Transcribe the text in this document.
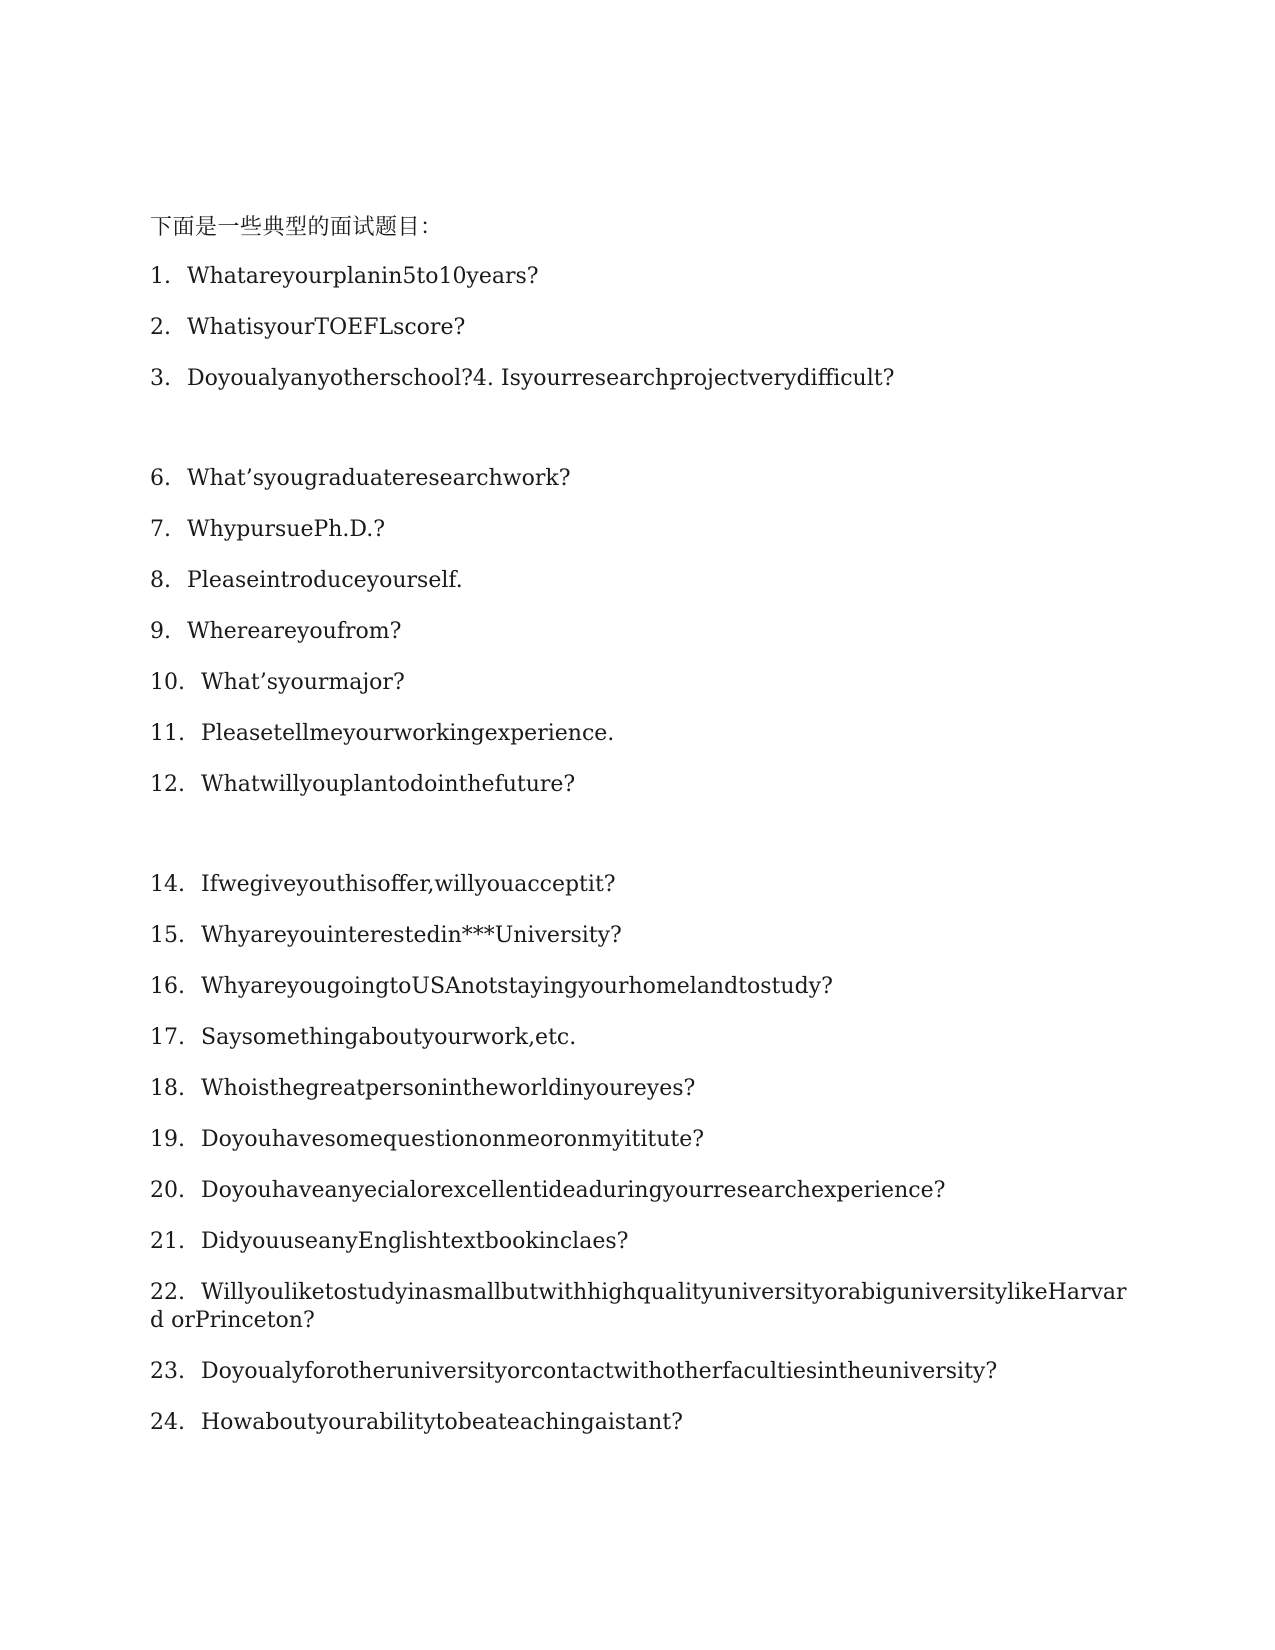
下面是一些典型的面试题目：

1. Whatareyourplanin5to10years?

2. WhatisyourTOEFLscore?

3. Doyoualyanyotherschool?4. Isyourresearchprojectverydifficult?

6. What’syougraduateresearchwork?

7. WhypursuePh.D.?

8. Pleaseintroduceyourself.

9. Whereareyoufrom?

10. What’syourmajor?

11. Pleasetellmeyourworkingexperience.

12. Whatwillyouplantodointhefuture?

14. Ifwegiveyouthisoffer,willyouacceptit?

15. Whyareyouinterestedin***University?

16. WhyareyougoingtoUSAnotstayingyourhomelandtostudy?

17. Saysomethingaboutyourwork,etc.

18. Whoisthegreatpersonintheworldinyoureyes?

19. Doyouhavesomequestiononmeoronmyititute?

20. Doyouhaveanyecialorexcellentideaduringyourresearchexperience?

21. DidyouuseanyEnglishtextbookinclaes?

22. WillyouliketostudyinasmallbutwithhighqualityuniversityorabiguniversitylikeHarvard orPrinceton?

23. Doyoualyforotheruniversityorcontactwithotherfacultiesintheuniversity?

24. Howaboutyourabilitytobeateachingaistant?
